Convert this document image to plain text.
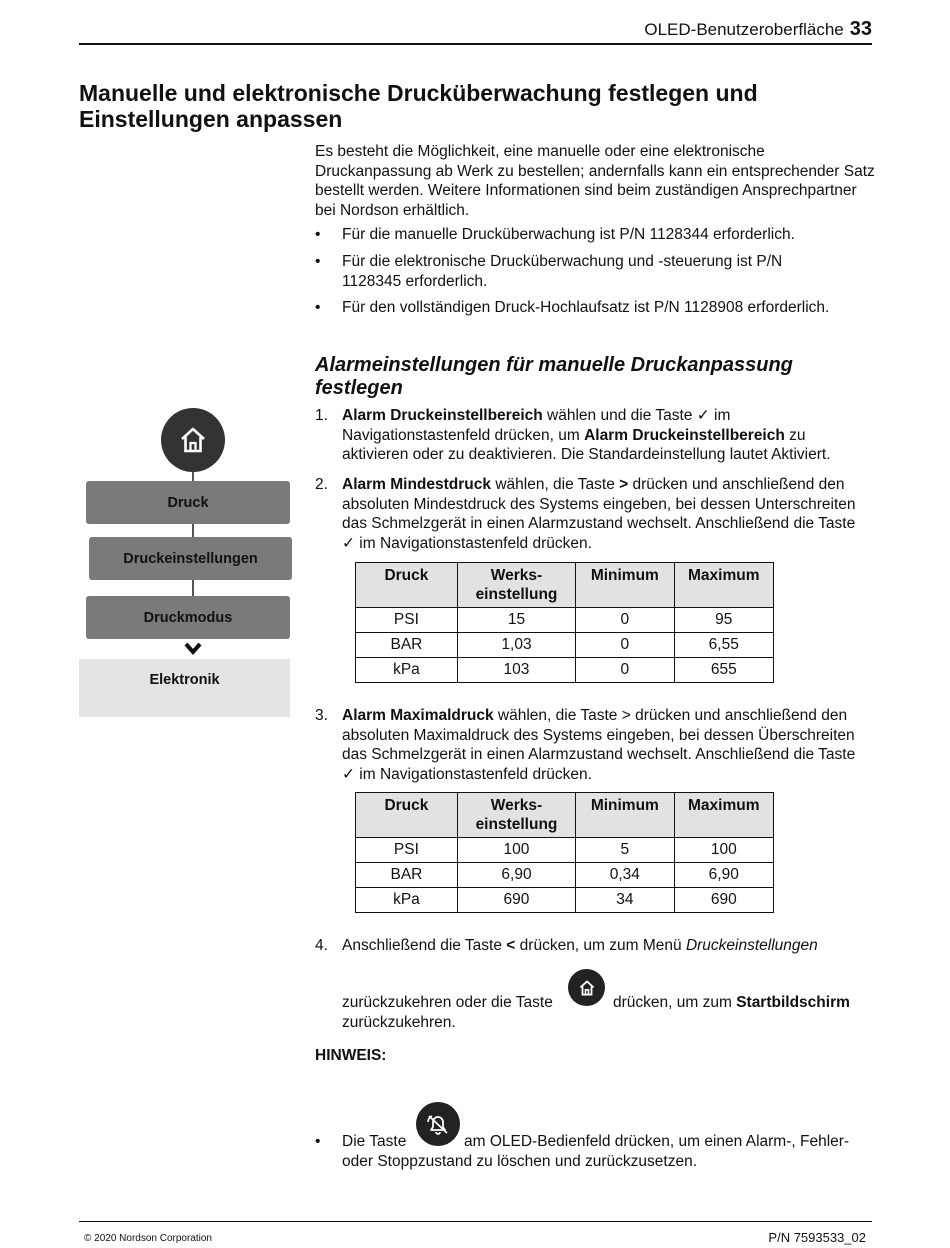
OLED-Benutzeroberfläche 33
Manuelle und elektronische Drucküberwachung festlegen und Einstellungen anpassen
Es besteht die Möglichkeit, eine manuelle oder eine elektronische Druckanpassung ab Werk zu bestellen; andernfalls kann ein entsprechender Satz bestellt werden. Weitere Informationen sind beim zuständigen Ansprechpartner bei Nordson erhältlich.
• Für die manuelle Drucküberwachung ist P/N 1128344 erforderlich.
• Für die elektronische Drucküberwachung und -steuerung ist P/N 1128345 erforderlich.
• Für den vollständigen Druck-Hochlaufsatz ist P/N 1128908 erforderlich.
Alarmeinstellungen für manuelle Druckanpassung festlegen
Druck
Druckeinstellungen
Druckmodus
Elektronik
1. Alarm Druckeinstellbereich wählen und die Taste ✓ im Navigationstastenfeld drücken, um Alarm Druckeinstellbereich zu aktivieren oder zu deaktivieren. Die Standardeinstellung lautet Aktiviert.
2. Alarm Mindestdruck wählen, die Taste > drücken und anschließend den absoluten Mindestdruck des Systems eingeben, bei dessen Unterschreiten das Schmelzgerät in einen Alarmzustand wechselt. Anschließend die Taste ✓ im Navigationstastenfeld drücken.
Druck	Werks-
einstellung	Minimum	Maximum
PSI	15	0	95
BAR	1,03	0	6,55
kPa	103	0	655
3. Alarm Maximaldruck wählen, die Taste > drücken und anschließend den absoluten Maximaldruck des Systems eingeben, bei dessen Überschreiten das Schmelzgerät in einen Alarmzustand wechselt. Anschließend die Taste ✓ im Navigationstastenfeld drücken.
Druck	Werks-
einstellung	Minimum	Maximum
PSI	100	5	100
BAR	6,90	0,34	6,90
kPa	690	34	690
4. Anschließend die Taste < drücken, um zum Menü Druckeinstellungen
zurückzukehren oder die Taste	drücken, um zum Startbildschirm
zurückzukehren.
HINWEIS:
• Die Taste	am OLED-Bedienfeld drücken, um einen Alarm-, Fehler- oder Stoppzustand zu löschen und zurückzusetzen.
© 2020 Nordson Corporation	P/N 7593533_02
